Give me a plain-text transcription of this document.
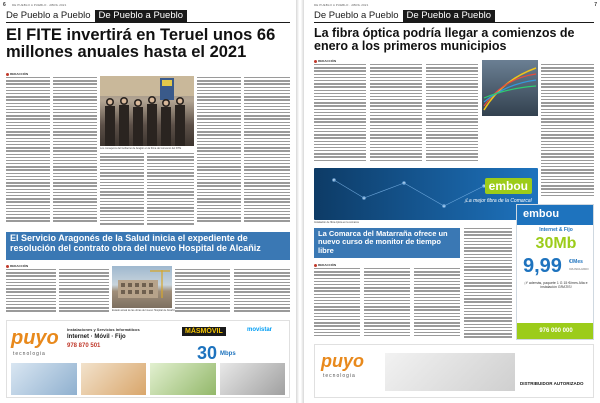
6 DE PUEBLO A PUEBLO · ABRIL 2021
De Pueblo a Pueblo De Pueblo a Pueblo
El FITE invertirá en Teruel unos 66 millones anuales hasta el 2021
REDACCIÓN
Los consejeros del Gobierno de Aragón en la firma del convenio del FITE
El Servicio Aragonés de la Salud inicia el expediente de resolución del contrato obra del nuevo Hospital de Alcañiz
REDACCIÓN
Estado actual de las obras del nuevo Hospital de Alcañiz
puyo
tecnologia
Instalaciones y Servicios Informáticos
Internet · Móvil · Fijo
978 870 501
MÁSMÓVIL
30 Mbps
movistar
DE PUEBLO A PUEBLO · ABRIL 2021	7
De Pueblo a Pueblo De Pueblo a Pueblo
La fibra óptica podría llegar a comienzos de enero a los primeros municipios
REDACCIÓN
embou
¡La mejor fibra de la Comarca!
Instalación de fibra óptica en la comarca
La Comarca del Matarraña ofrece un nuevo curso de monitor de tiempo libre
REDACCIÓN
embou
Internet & Fijo
30Mb
9,99 €/Mes
IVA INCLUIDO
¡Y además, paquete 1 G 15 €/mes Alta e instalación GRATIS!
976 000 000
puyo
tecnologia
DISTRIBUIDOR AUTORIZADO
